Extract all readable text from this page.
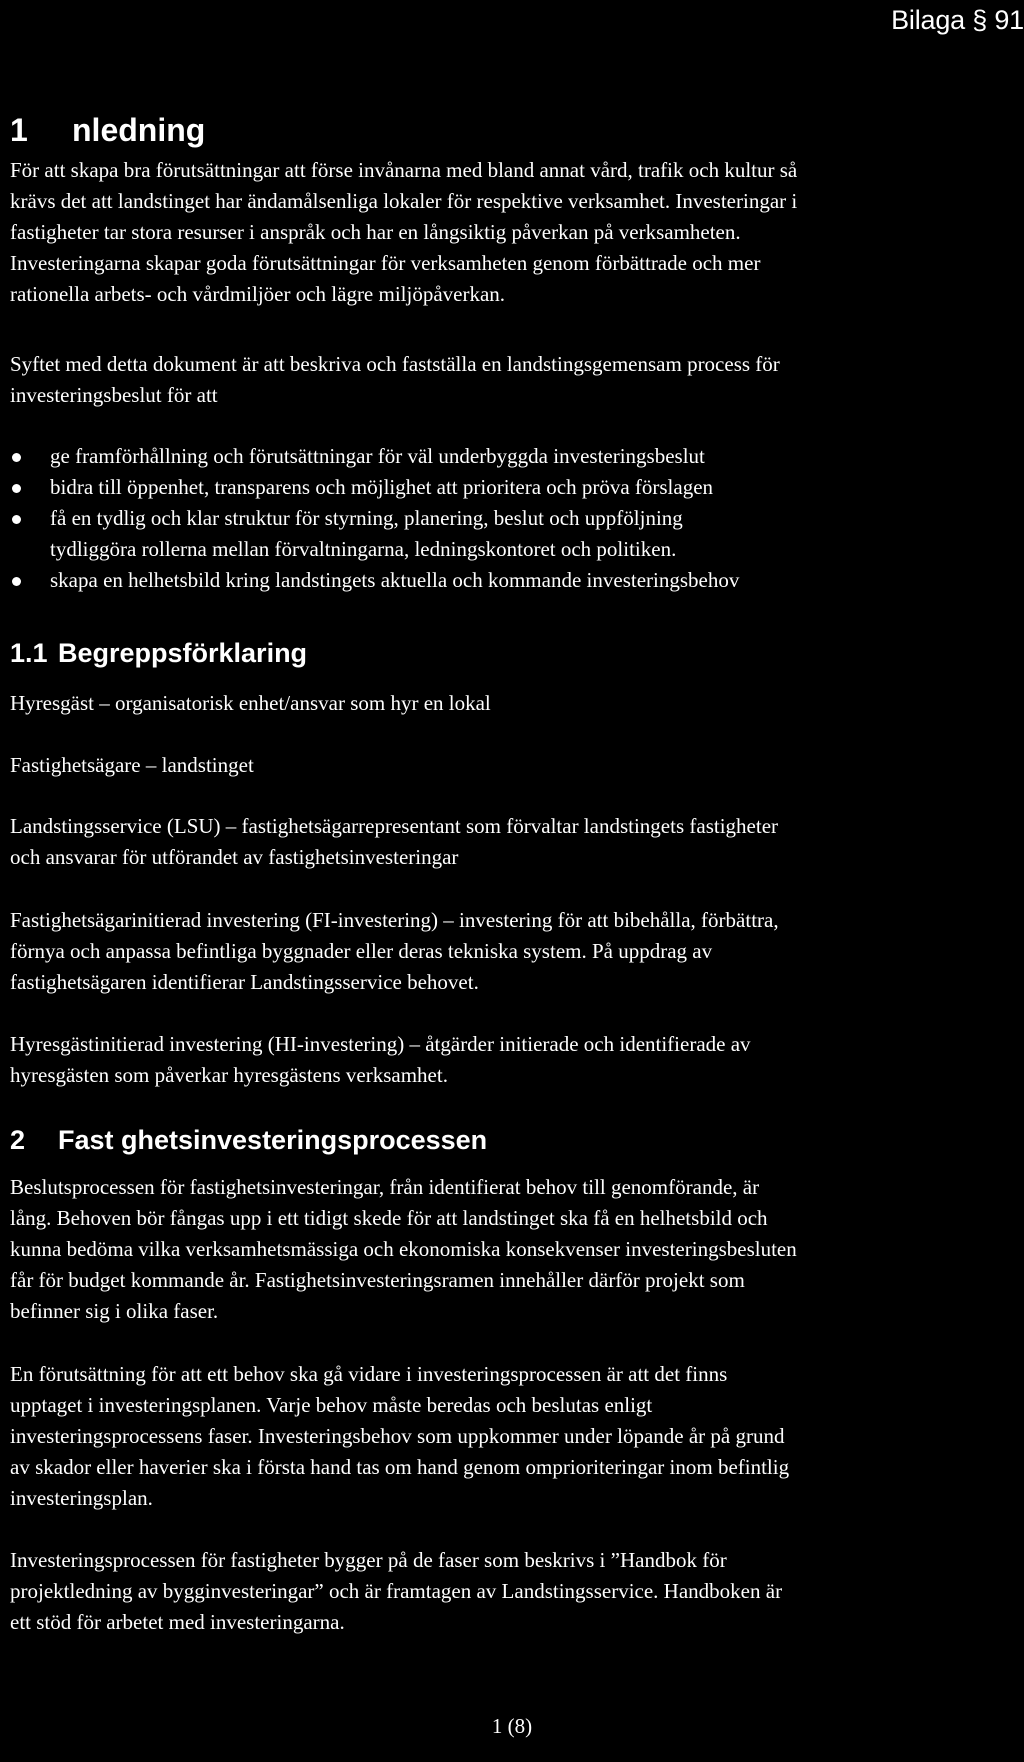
Bilaga § 91
1 nledning
För att skapa bra förutsättningar att förse invånarna med bland annat vård, trafik och kultur så
krävs det att landstinget har ändamålsenliga lokaler för respektive verksamhet. Investeringar i
fastigheter tar stora resurser i anspråk och har en långsiktig påverkan på verksamheten.
Investeringarna skapar goda förutsättningar för verksamheten genom förbättrade och mer
rationella arbets- och vårdmiljöer och lägre miljöpåverkan.
Syftet med detta dokument är att beskriva och fastställa en landstingsgemensam process för
investeringsbeslut för att
ge framförhållning och förutsättningar för väl underbyggda investeringsbeslut
bidra till öppenhet, transparens och möjlighet att prioritera och pröva förslagen
få en tydlig och klar struktur för styrning, planering, beslut och uppföljning
tydliggöra rollerna mellan förvaltningarna, ledningskontoret och politiken.
skapa en helhetsbild kring landstingets aktuella och kommande investeringsbehov
1.1 Begreppsförklaring
Hyresgäst – organisatorisk enhet/ansvar som hyr en lokal
Fastighetsägare – landstinget
Landstingsservice (LSU) – fastighetsägarrepresentant som förvaltar landstingets fastigheter
och ansvarar för utförandet av fastighetsinvesteringar
Fastighetsägarinitierad investering (FI-investering) – investering för att bibehålla, förbättra,
förnya och anpassa befintliga byggnader eller deras tekniska system. På uppdrag av
fastighetsägaren identifierar Landstingsservice behovet.
Hyresgästinitierad investering (HI-investering) – åtgärder initierade och identifierade av
hyresgästen som påverkar hyresgästens verksamhet.
2 Fast ghetsinvesteringsprocessen
Beslutsprocessen för fastighetsinvesteringar, från identifierat behov till genomförande, är
lång. Behoven bör fångas upp i ett tidigt skede för att landstinget ska få en helhetsbild och
kunna bedöma vilka verksamhetsmässiga och ekonomiska konsekvenser investeringsbesluten
får för budget kommande år. Fastighetsinvesteringsramen innehåller därför projekt som
befinner sig i olika faser.
En förutsättning för att ett behov ska gå vidare i investeringsprocessen är att det finns
upptaget i investeringsplanen. Varje behov måste beredas och beslutas enligt
investeringsprocessens faser. Investeringsbehov som uppkommer under löpande år på grund
av skador eller haverier ska i första hand tas om hand genom omprioriteringar inom befintlig
investeringsplan.
Investeringsprocessen för fastigheter bygger på de faser som beskrivs i ”Handbok för
projektledning av bygginvesteringar” och är framtagen av Landstingsservice. Handboken är
ett stöd för arbetet med investeringarna.
1 (8)
